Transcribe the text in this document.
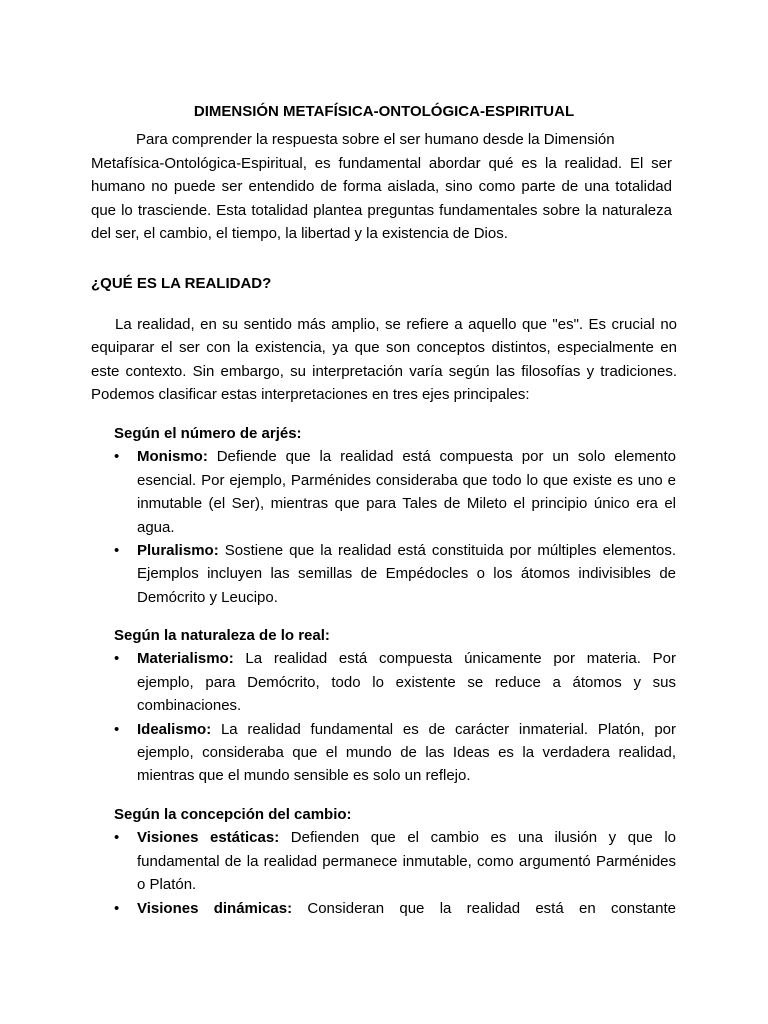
DIMENSIÓN METAFÍSICA-ONTOLÓGICA-ESPIRITUAL

Para comprender la respuesta sobre el ser humano desde la Dimensión

Metafísica-Ontológica-Espiritual, es fundamental abordar qué es la realidad. El ser humano no puede ser entendido de forma aislada, sino como parte de una totalidad que lo trasciende. Esta totalidad plantea preguntas fundamentales sobre la naturaleza del ser, el cambio, el tiempo, la libertad y la existencia de Dios.

¿QUÉ ES LA REALIDAD?

La realidad, en su sentido más amplio, se refiere a aquello que "es". Es crucial no equiparar el ser con la existencia, ya que son conceptos distintos, especialmente en este contexto. Sin embargo, su interpretación varía según las filosofías y tradiciones. Podemos clasificar estas interpretaciones en tres ejes principales:

Según el número de arjés:
• Monismo: Defiende que la realidad está compuesta por un solo elemento esencial. Por ejemplo, Parménides consideraba que todo lo que existe es uno e inmutable (el Ser), mientras que para Tales de Mileto el principio único era el agua.
• Pluralismo: Sostiene que la realidad está constituida por múltiples elementos. Ejemplos incluyen las semillas de Empédocles o los átomos indivisibles de Demócrito y Leucipo.
Según la naturaleza de lo real:
• Materialismo: La realidad está compuesta únicamente por materia. Por ejemplo, para Demócrito, todo lo existente se reduce a átomos y sus combinaciones.
• Idealismo: La realidad fundamental es de carácter inmaterial. Platón, por ejemplo, consideraba que el mundo de las Ideas es la verdadera realidad, mientras que el mundo sensible es solo un reflejo.
Según la concepción del cambio:
• Visiones estáticas: Defienden que el cambio es una ilusión y que lo fundamental de la realidad permanece inmutable, como argumentó Parménides o Platón.
• Visiones dinámicas: Consideran que la realidad está en constante
